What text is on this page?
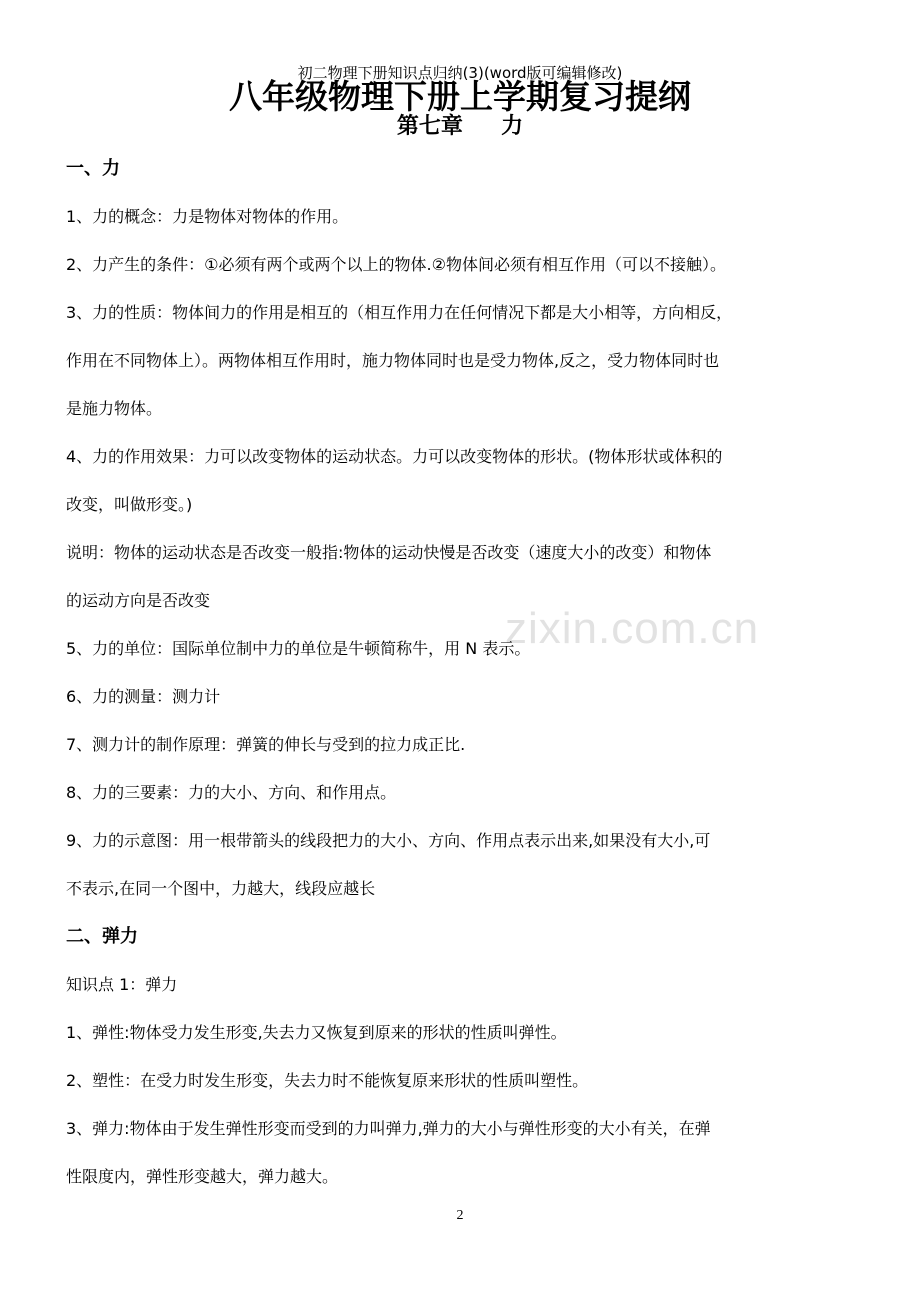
zixin.com.cn
初二物理下册知识点归纳(3)(word版可编辑修改)
八年级物理下册上学期复习提纲
第七章     力
一、力
1、力的概念：力是物体对物体的作用。
2、力产生的条件：①必须有两个或两个以上的物体.②物体间必须有相互作用（可以不接触）。
3、力的性质：物体间力的作用是相互的（相互作用力在任何情况下都是大小相等，方向相反，
作用在不同物体上）。两物体相互作用时，施力物体同时也是受力物体,反之，受力物体同时也
是施力物体。
4、力的作用效果：力可以改变物体的运动状态。力可以改变物体的形状。(物体形状或体积的
改变，叫做形变。)
说明：物体的运动状态是否改变一般指:物体的运动快慢是否改变（速度大小的改变）和物体
的运动方向是否改变
5、力的单位：国际单位制中力的单位是牛顿简称牛，用 N 表示。
6、力的测量：测力计
7、测力计的制作原理：弹簧的伸长与受到的拉力成正比.
8、力的三要素：力的大小、方向、和作用点。
9、力的示意图：用一根带箭头的线段把力的大小、方向、作用点表示出来,如果没有大小,可
不表示,在同一个图中，力越大，线段应越长
二、弹力
知识点 1：弹力
1、弹性:物体受力发生形变,失去力又恢复到原来的形状的性质叫弹性。
2、塑性：在受力时发生形变，失去力时不能恢复原来形状的性质叫塑性。
3、弹力:物体由于发生弹性形变而受到的力叫弹力,弹力的大小与弹性形变的大小有关，在弹
性限度内，弹性形变越大，弹力越大。
2
